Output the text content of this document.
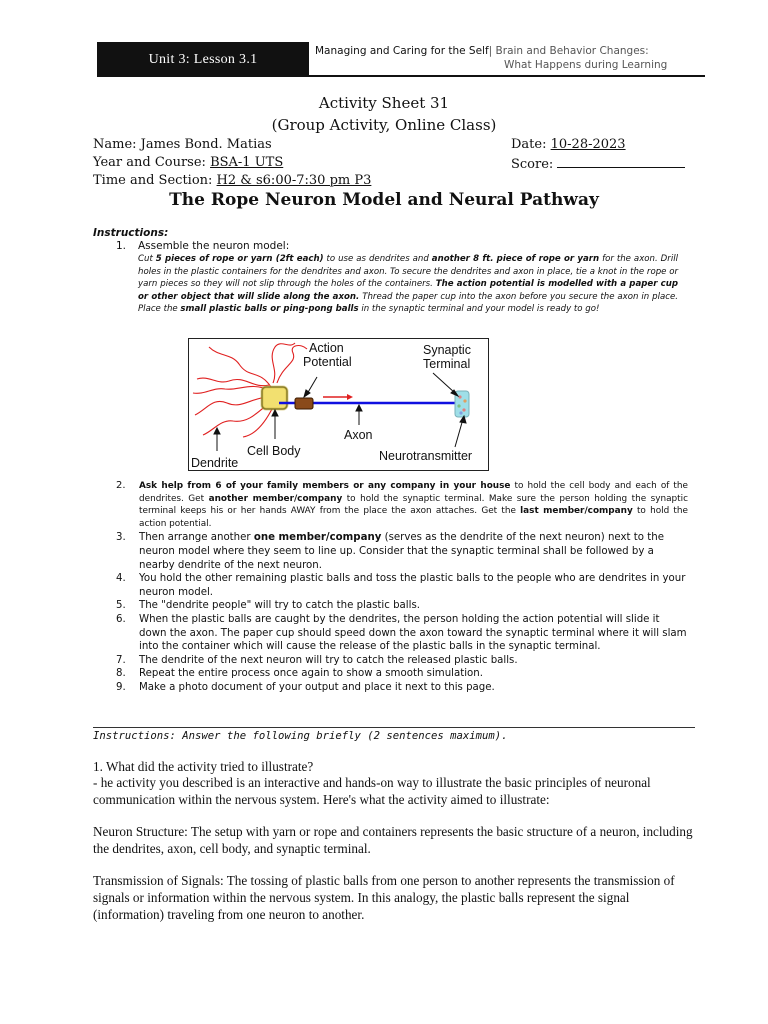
Unit 3: Lesson 3.1
Managing and Caring for the Self| Brain and Behavior Changes:
What Happens during Learning
Activity Sheet 31
(Group Activity, Online Class)
Name: James Bond. Matias
Year and Course: BSA-1 UTS
Time and Section: H2 & s6:00-7:30 pm P3
Date: 10-28-2023
Score:
The Rope Neuron Model and Neural Pathway
Instructions:
1. Assemble the neuron model:
Cut 5 pieces of rope or yarn (2ft each) to use as dendrites and another 8 ft. piece of rope or yarn for the axon. Drill holes in the plastic containers for the dendrites and axon. To secure the dendrites and axon in place, tie a knot in the rope or yarn pieces so they will not slip through the holes of the containers. The action potential is modelled with a paper cup or other object that will slide along the axon. Thread the paper cup into the axon before you secure the axon in place. Place the small plastic balls or ping-pong balls in the synaptic terminal and your model is ready to go!
Action
Potential
Synaptic
Terminal
Axon
Cell Body
Dendrite	Neurotransmitter
2. Ask help from 6 of your family members or any company in your house to hold the cell body and each of the dendrites. Get another member/company to hold the synaptic terminal. Make sure the person holding the synaptic terminal keeps his or her hands AWAY from the place the axon attaches. Get the last member/company to hold the action potential.
3. Then arrange another one member/company (serves as the dendrite of the next neuron) next to the neuron model where they seem to line up. Consider that the synaptic terminal shall be followed by a nearby dendrite of the next neuron.
4. You hold the other remaining plastic balls and toss the plastic balls to the people who are dendrites in your neuron model.
5. The "dendrite people" will try to catch the plastic balls.
6. When the plastic balls are caught by the dendrites, the person holding the action potential will slide it down the axon. The paper cup should speed down the axon toward the synaptic terminal where it will slam into the container which will cause the release of the plastic balls in the synaptic terminal.
7. The dendrite of the next neuron will try to catch the released plastic balls.
8. Repeat the entire process once again to show a smooth simulation.
9. Make a photo document of your output and place it next to this page.
Instructions: Answer the following briefly (2 sentences maximum).
1. What did the activity tried to illustrate?
- he activity you described is an interactive and hands-on way to illustrate the basic principles of neuronal communication within the nervous system. Here's what the activity aimed to illustrate:
Neuron Structure: The setup with yarn or rope and containers represents the basic structure of a neuron, including the dendrites, axon, cell body, and synaptic terminal.
Transmission of Signals: The tossing of plastic balls from one person to another represents the transmission of signals or information within the nervous system. In this analogy, the plastic balls represent the signal (information) traveling from one neuron to another.
